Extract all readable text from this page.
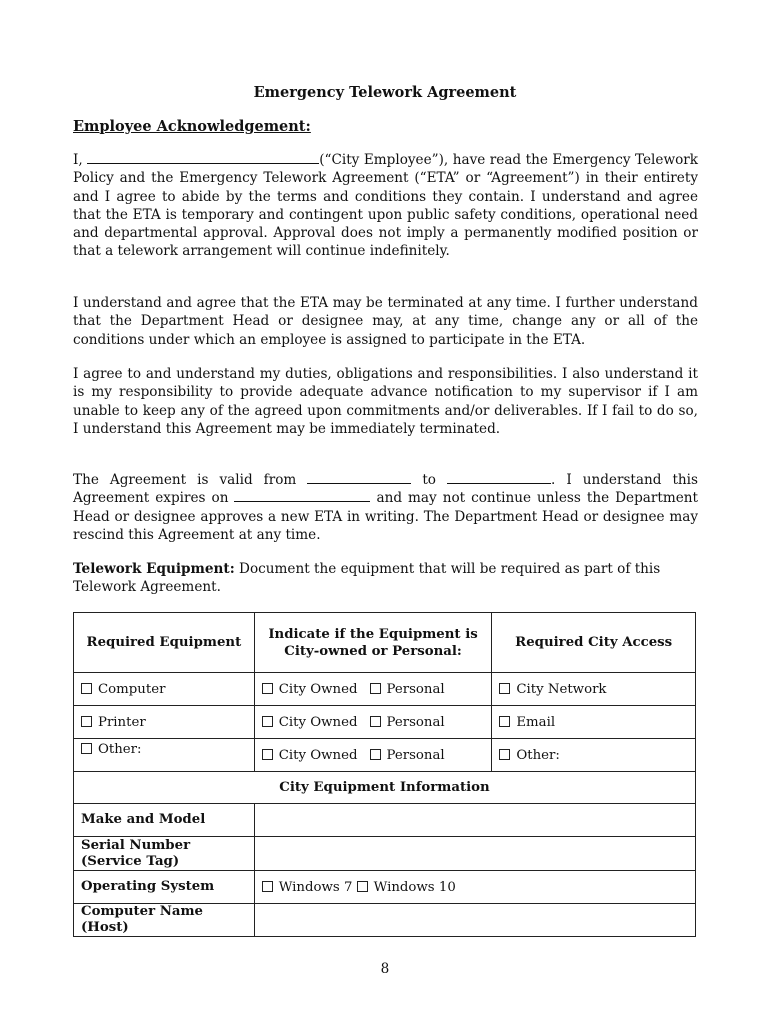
Emergency Telework Agreement
Employee Acknowledgement:

I,	(“City Employee”), have read the Emergency Telework Policy and the Emergency Telework Agreement (“ETA” or “Agreement”) in their entirety and I agree to abide by the terms and conditions they contain. I understand and agree that the ETA is temporary and contingent upon public safety conditions, operational need and departmental approval. Approval does not imply a permanently modified position or that a telework arrangement will continue indefinitely.

I understand and agree that the ETA may be terminated at any time. I further understand that the Department Head or designee may, at any time, change any or all of the conditions under which an employee is assigned to participate in the ETA.

I agree to and understand my duties, obligations and responsibilities. I also understand it is my responsibility to provide adequate advance notification to my supervisor if I am unable to keep any of the agreed upon commitments and/or deliverables. If I fail to do so, I understand this Agreement may be immediately terminated.

The Agreement is valid from	to	. I understand this Agreement expires on	and may not continue unless the Department Head or designee approves a new ETA in writing. The Department Head or designee may rescind this Agreement at any time.

Telework Equipment: Document the equipment that will be required as part of this Telework Agreement.
Required Equipment	Indicate if the Equipment is City-owned or Personal:	Required City Access
Computer	City Owned Personal	City Network
Printer	City Owned Personal	Email
Other:	City Owned Personal	Other:
City Equipment Information		
Make and Model		
Serial Number
(Service Tag)		
Operating System	Windows 7 Windows 10	
Computer Name (Host)		
8
